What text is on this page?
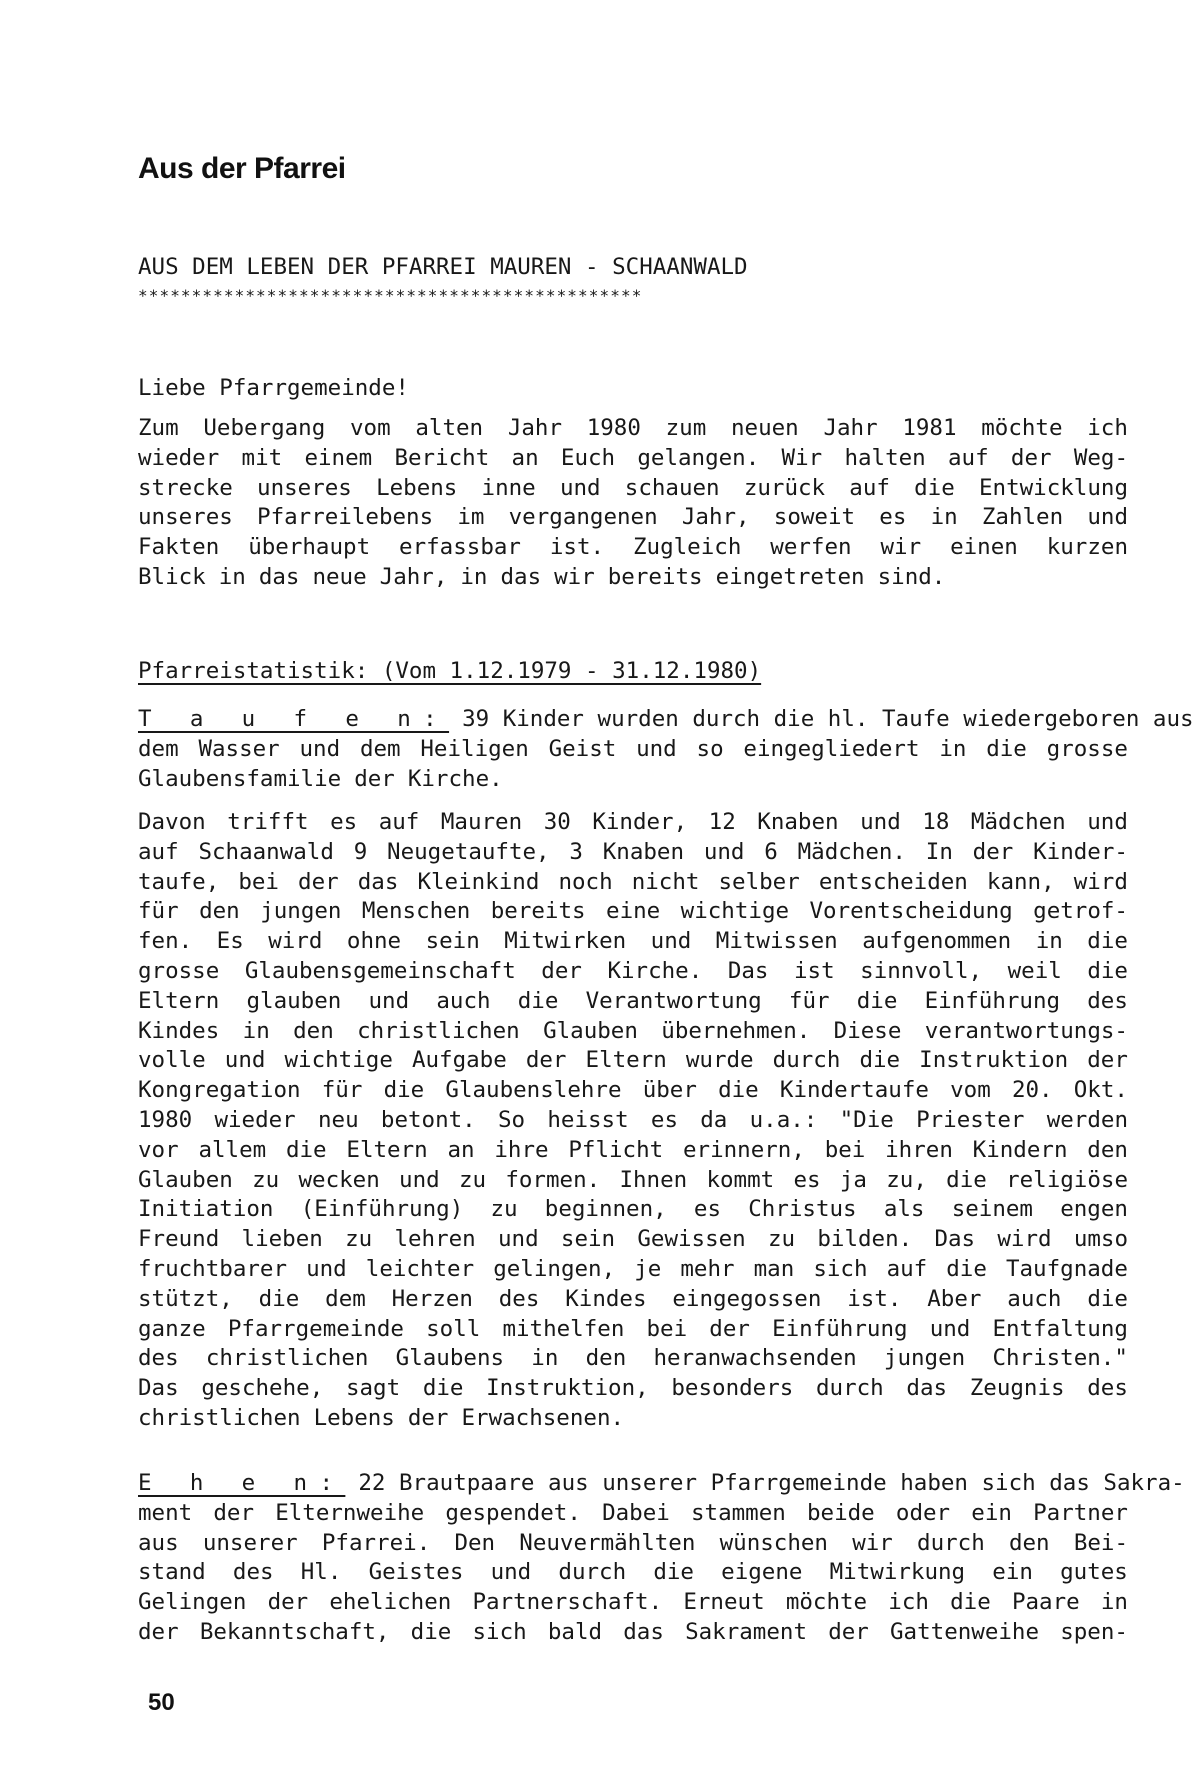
Aus der Pfarrei
AUS DEM LEBEN DER PFARREI MAUREN - SCHAANWALD
***********************************************
Liebe Pfarrgemeinde!
Zum Uebergang vom alten Jahr 1980 zum neuen Jahr 1981 möchte ich
wieder mit einem Bericht an Euch gelangen. Wir halten auf der Weg-
strecke unseres Lebens inne und schauen zurück auf die Entwicklung
unseres Pfarreilebens im vergangenen Jahr, soweit es in Zahlen und
Fakten überhaupt erfassbar ist. Zugleich werfen wir einen kurzen
Blick in das neue Jahr, in das wir bereits eingetreten sind.
Pfarreistatistik: (Vom 1.12.1979 - 31.12.1980)
T a u f e n: 39 Kinder wurden durch die hl. Taufe wiedergeboren aus
dem Wasser und dem Heiligen Geist und so eingegliedert in die grosse
Glaubensfamilie der Kirche.
Davon trifft es auf Mauren 30 Kinder, 12 Knaben und 18 Mädchen und
auf Schaanwald 9 Neugetaufte, 3 Knaben und 6 Mädchen. In der Kinder-
taufe, bei der das Kleinkind noch nicht selber entscheiden kann, wird
für den jungen Menschen bereits eine wichtige Vorentscheidung getrof-
fen. Es wird ohne sein Mitwirken und Mitwissen aufgenommen in die
grosse Glaubensgemeinschaft der Kirche. Das ist sinnvoll, weil die
Eltern glauben und auch die Verantwortung für die Einführung des
Kindes in den christlichen Glauben übernehmen. Diese verantwortungs-
volle und wichtige Aufgabe der Eltern wurde durch die Instruktion der
Kongregation für die Glaubenslehre über die Kindertaufe vom 20. Okt.
1980 wieder neu betont. So heisst es da u.a.: "Die Priester werden
vor allem die Eltern an ihre Pflicht erinnern, bei ihren Kindern den
Glauben zu wecken und zu formen. Ihnen kommt es ja zu, die religiöse
Initiation (Einführung) zu beginnen, es Christus als seinem engen
Freund lieben zu lehren und sein Gewissen zu bilden. Das wird umso
fruchtbarer und leichter gelingen, je mehr man sich auf die Taufgnade
stützt, die dem Herzen des Kindes eingegossen ist. Aber auch die
ganze Pfarrgemeinde soll mithelfen bei der Einführung und Entfaltung
des christlichen Glaubens in den heranwachsenden jungen Christen."
Das geschehe, sagt die Instruktion, besonders durch das Zeugnis des
christlichen Lebens der Erwachsenen.
E h e n: 22 Brautpaare aus unserer Pfarrgemeinde haben sich das Sakra-
ment der Elternweihe gespendet. Dabei stammen beide oder ein Partner
aus unserer Pfarrei. Den Neuvermählten wünschen wir durch den Bei-
stand des Hl. Geistes und durch die eigene Mitwirkung ein gutes
Gelingen der ehelichen Partnerschaft. Erneut möchte ich die Paare in
der Bekanntschaft, die sich bald das Sakrament der Gattenweihe spen-
50
